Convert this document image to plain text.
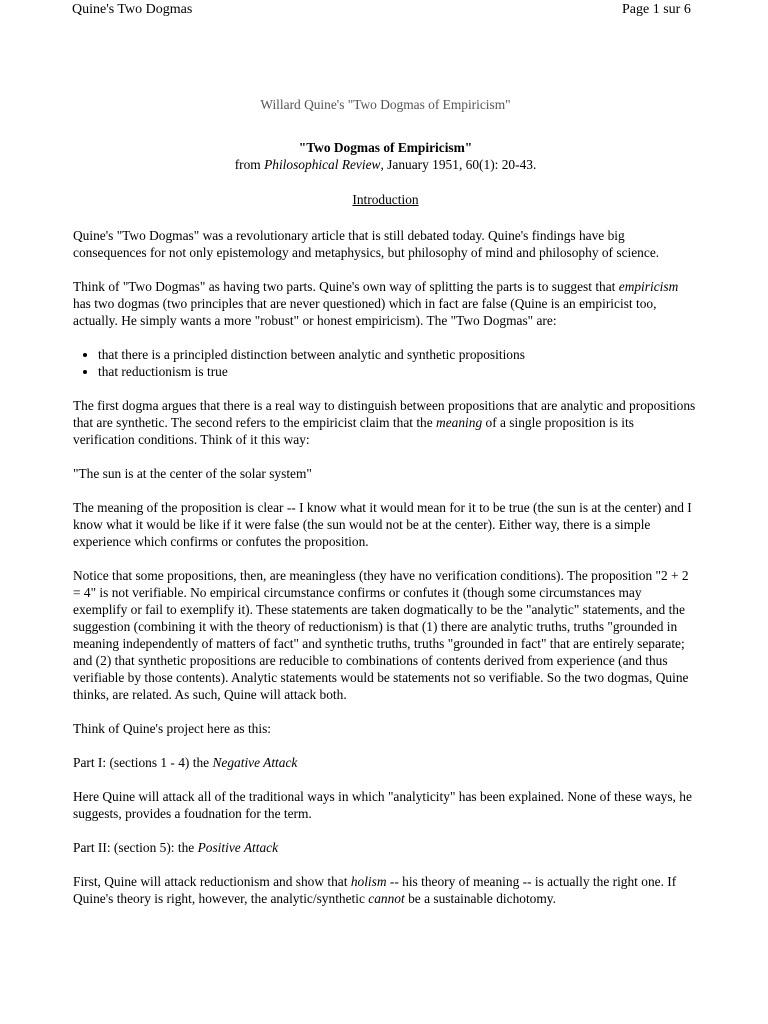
Quine's Two Dogmas	Page 1 sur 6

Willard Quine's "Two Dogmas of Empiricism"

"Two Dogmas of Empiricism"

from Philosophical Review, January 1951, 60(1): 20-43.

Introduction

Quine's "Two Dogmas" was a revolutionary article that is still debated today. Quine's findings have big consequences for not only epistemology and metaphysics, but philosophy of mind and philosophy of science.

Think of "Two Dogmas" as having two parts. Quine's own way of splitting the parts is to suggest that empiricism has two dogmas (two principles that are never questioned) which in fact are false (Quine is an empiricist too, actually. He simply wants a more "robust" or honest empiricism). The "Two Dogmas" are:

• that there is a principled distinction between analytic and synthetic propositions
• that reductionism is true

The first dogma argues that there is a real way to distinguish between propositions that are analytic and propositions that are synthetic. The second refers to the empiricist claim that the meaning of a single proposition is its verification conditions. Think of it this way:

"The sun is at the center of the solar system"

The meaning of the proposition is clear -- I know what it would mean for it to be true (the sun is at the center) and I know what it would be like if it were false (the sun would not be at the center). Either way, there is a simple experience which confirms or confutes the proposition.

Notice that some propositions, then, are meaningless (they have no verification conditions). The proposition "2 + 2 = 4" is not verifiable. No empirical circumstance confirms or confutes it (though some circumstances may exemplify or fail to exemplify it). These statements are taken dogmatically to be the "analytic" statements, and the suggestion (combining it with the theory of reductionism) is that (1) there are analytic truths, truths "grounded in meaning independently of matters of fact" and synthetic truths, truths "grounded in fact" that are entirely separate; and (2) that synthetic propositions are reducible to combinations of contents derived from experience (and thus verifiable by those contents). Analytic statements would be statements not so verifiable. So the two dogmas, Quine thinks, are related. As such, Quine will attack both.

Think of Quine's project here as this:

Part I: (sections 1 - 4) the Negative Attack

Here Quine will attack all of the traditional ways in which "analyticity" has been explained. None of these ways, he suggests, provides a foudnation for the term.

Part II: (section 5): the Positive Attack

First, Quine will attack reductionism and show that holism -- his theory of meaning -- is actually the right one. If Quine's theory is right, however, the analytic/synthetic cannot be a sustainable dichotomy.
